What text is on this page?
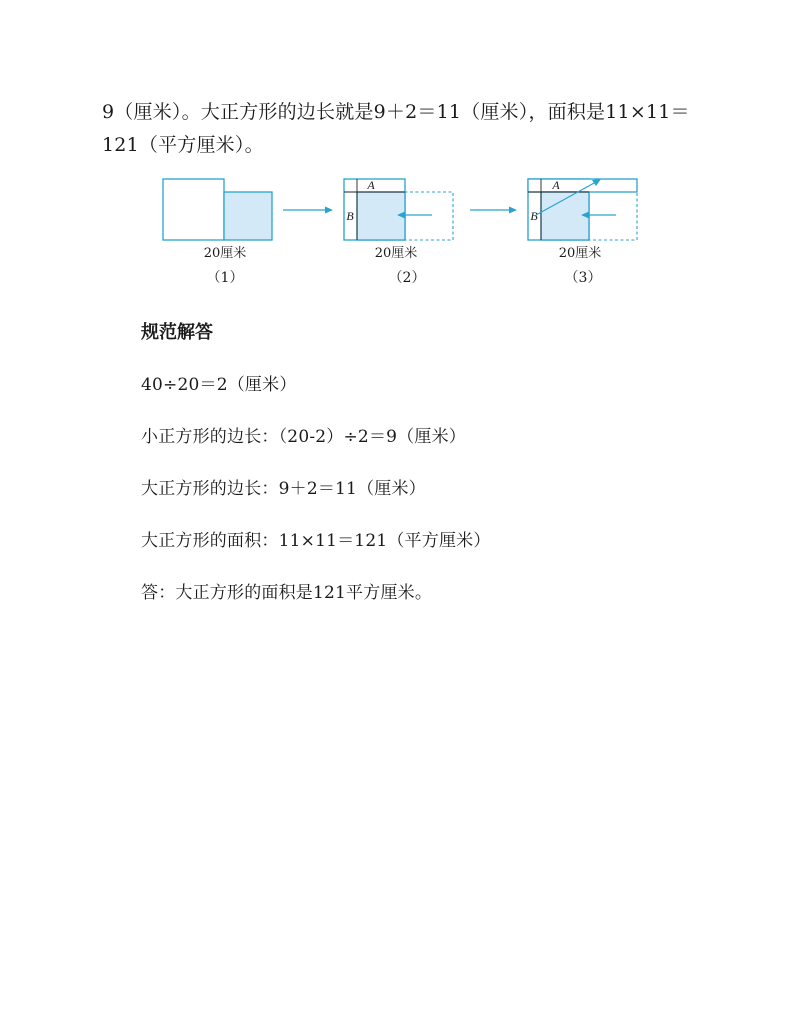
9（厘米）。大正方形的边长就是9＋2＝11（厘米），面积是11×11＝

121（平方厘米）。

20厘米
（1）
A
B
20厘米
（2）
A
B
20厘米
（3）
规范解答
40÷20＝2（厘米）
小正方形的边长：（20-2）÷2＝9（厘米）
大正方形的边长：9＋2＝11（厘米）
大正方形的面积：11×11＝121（平方厘米）
答：大正方形的面积是121平方厘米。
